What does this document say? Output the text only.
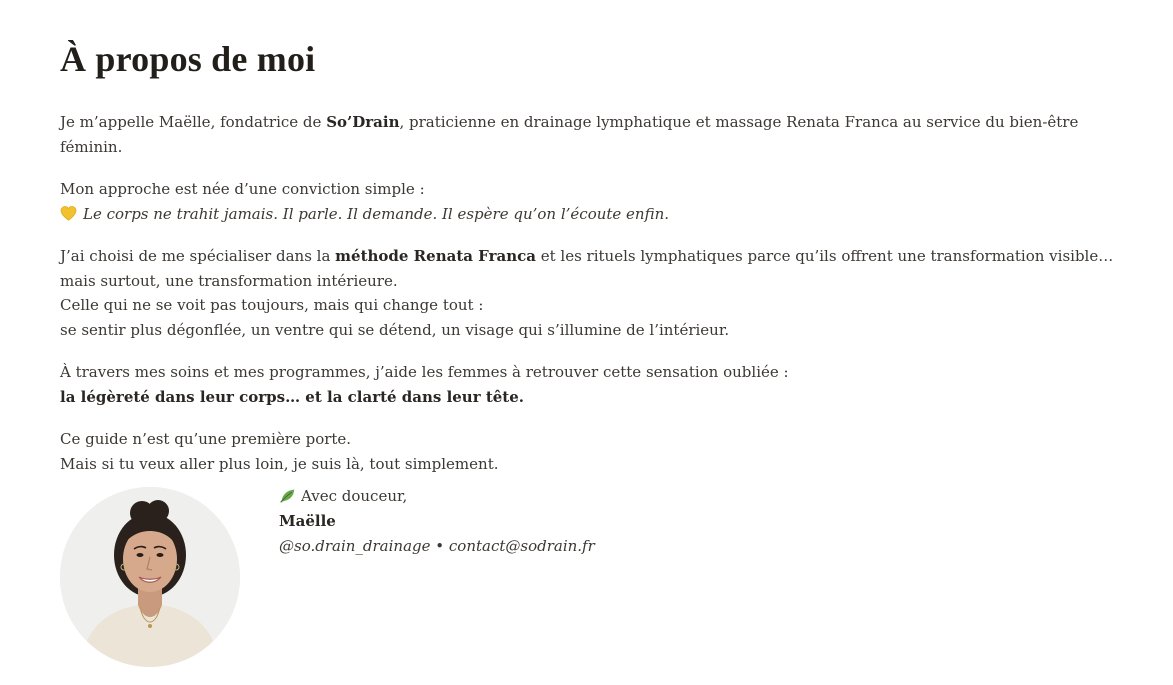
À propos de moi

Je m’appelle Maëlle, fondatrice de So’Drain, praticienne en drainage lymphatique et massage Renata Franca au service du bien-être féminin.

Mon approche est née d’une conviction simple :
Le corps ne trahit jamais. Il parle. Il demande. Il espère qu’on l’écoute enfin.

J’ai choisi de me spécialiser dans la méthode Renata Franca et les rituels lymphatiques parce qu’ils offrent une transformation visible… mais surtout, une transformation intérieure.
Celle qui ne se voit pas toujours, mais qui change tout :
se sentir plus dégonflée, un ventre qui se détend, un visage qui s’illumine de l’intérieur.

À travers mes soins et mes programmes, j’aide les femmes à retrouver cette sensation oubliée :
la légèreté dans leur corps… et la clarté dans leur tête.

Ce guide n’est qu’une première porte.
Mais si tu veux aller plus loin, je suis là, tout simplement.

Avec douceur,
Maëlle
@so.drain_drainage • contact@sodrain.fr
